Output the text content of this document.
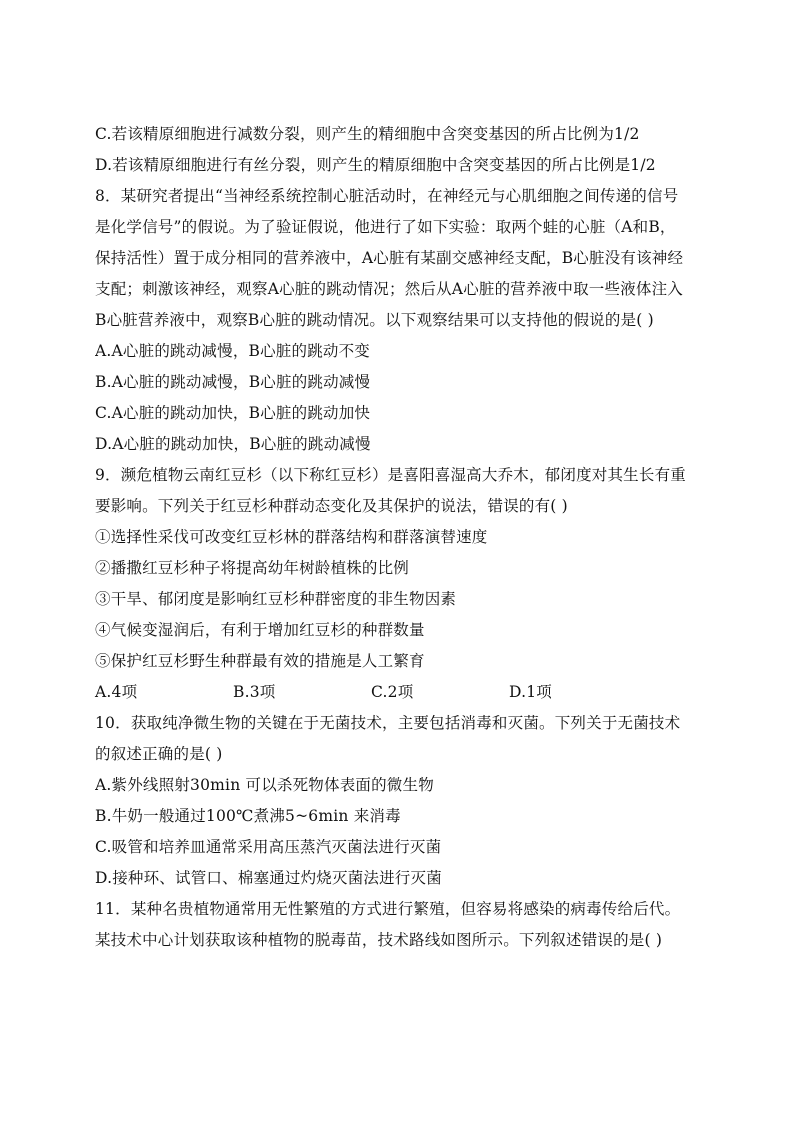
C.若该精原细胞进行减数分裂，则产生的精细胞中含突变基因的所占比例为1/2
D.若该精原细胞进行有丝分裂，则产生的精原细胞中含突变基因的所占比例是1/2
8．某研究者提出“当神经系统控制心脏活动时，在神经元与心肌细胞之间传递的信号
是化学信号”的假说。为了验证假说，他进行了如下实验：取两个蛙的心脏（A和B，
保持活性）置于成分相同的营养液中，A心脏有某副交感神经支配，B心脏没有该神经
支配；刺激该神经，观察A心脏的跳动情况；然后从A心脏的营养液中取一些液体注入
B心脏营养液中，观察B心脏的跳动情况。以下观察结果可以支持他的假说的是( )
A.A心脏的跳动减慢，B心脏的跳动不变
B.A心脏的跳动减慢，B心脏的跳动减慢
C.A心脏的跳动加快，B心脏的跳动加快
D.A心脏的跳动加快，B心脏的跳动减慢
9．濒危植物云南红豆杉（以下称红豆杉）是喜阳喜湿高大乔木，郁闭度对其生长有重
要影响。下列关于红豆杉种群动态变化及其保护的说法，错误的有( )
①选择性采伐可改变红豆杉林的群落结构和群落演替速度
②播撒红豆杉种子将提高幼年树龄植株的比例
③干旱、郁闭度是影响红豆杉种群密度的非生物因素
④气候变湿润后，有利于增加红豆杉的种群数量
⑤保护红豆杉野生种群最有效的措施是人工繁育
A.4项	B.3项	C.2项	D.1项
10．获取纯净微生物的关键在于无菌技术，主要包括消毒和灭菌。下列关于无菌技术
的叙述正确的是( )
A.紫外线照射30min 可以杀死物体表面的微生物
B.牛奶一般通过100℃煮沸5~6min 来消毒
C.吸管和培养皿通常采用高压蒸汽灭菌法进行灭菌
D.接种环、试管口、棉塞通过灼烧灭菌法进行灭菌
11．某种名贵植物通常用无性繁殖的方式进行繁殖，但容易将感染的病毒传给后代。
某技术中心计划获取该种植物的脱毒苗，技术路线如图所示。下列叙述错误的是( )
